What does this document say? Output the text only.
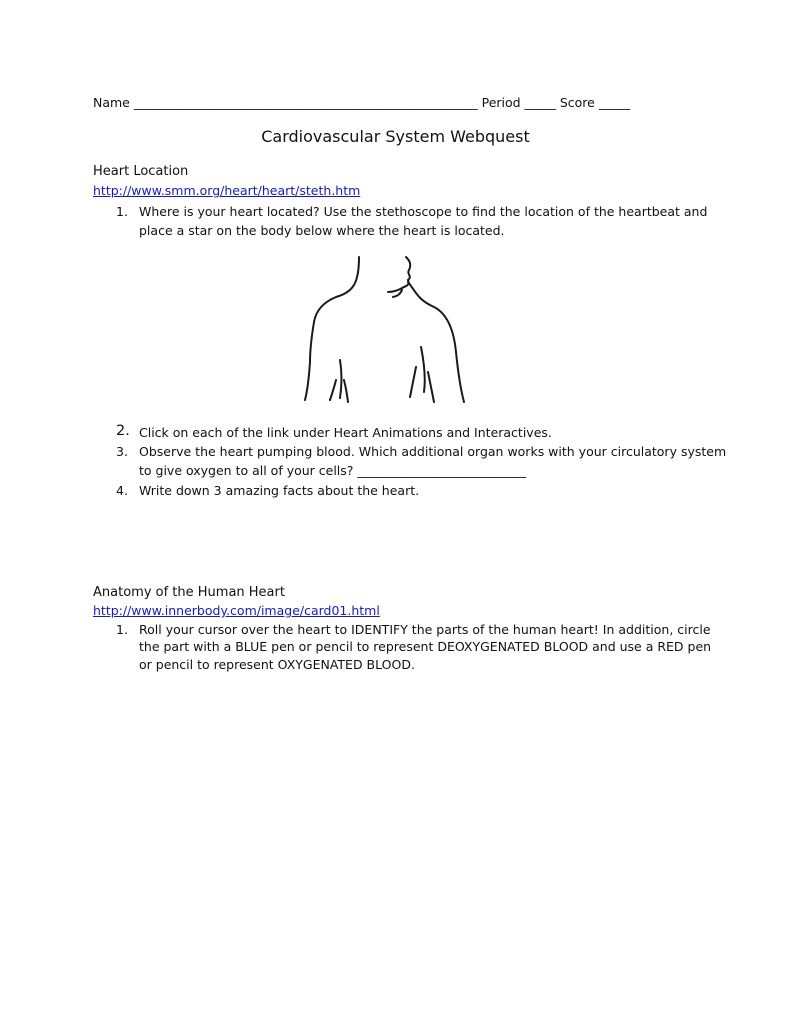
Name _______________________________________________________ Period _____ Score _____
Cardiovascular System Webquest
Heart Location
http://www.smm.org/heart/heart/steth.htm
1. Where is your heart located? Use the stethoscope to find the location of the heartbeat and
place a star on the body below where the heart is located.
2. Click on each of the link under Heart Animations and Interactives.
3. Observe the heart pumping blood. Which additional organ works with your circulatory system
to give oxygen to all of your cells? ___________________________
4. Write down 3 amazing facts about the heart.
Anatomy of the Human Heart
http://www.innerbody.com/image/card01.html
1. Roll your cursor over the heart to IDENTIFY the parts of the human heart! In addition, circle
the part with a BLUE pen or pencil to represent DEOXYGENATED BLOOD and use a RED pen
or pencil to represent OXYGENATED BLOOD.
